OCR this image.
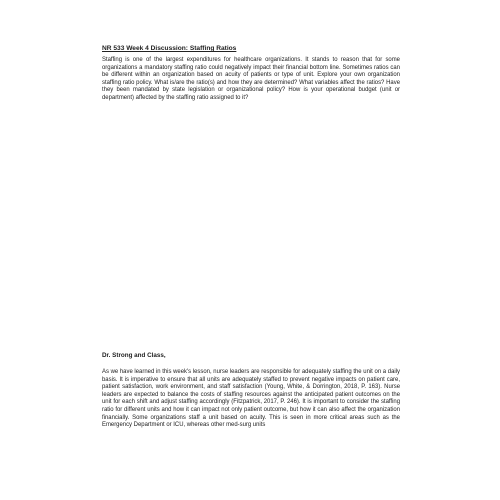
NR 533 Week 4 Discussion: Staffing Ratios

Staffing is one of the largest expenditures for healthcare organizations. It stands to reason that for some organizations a mandatory staffing ratio could negatively impact their financial bottom line. Sometimes ratios can be different within an organization based on acuity of patients or type of unit. Explore your own organization staffing ratio policy. What is/are the ratio(s) and how they are determined? What variables affect the ratios? Have they been mandated by state legislation or organizational policy? How is your operational budget (unit or department) affected by the staffing ratio assigned to it?

Dr. Strong and Class,

As we have learned in this week's lesson, nurse leaders are responsible for adequately staffing the unit on a daily basis. It is imperative to ensure that all units are adequately staffed to prevent negative impacts on patient care, patient satisfaction, work environment, and staff satisfaction (Young, White, & Dorrington, 2018, P. 163). Nurse leaders are expected to balance the costs of staffing resources against the anticipated patient outcomes on the unit for each shift and adjust staffing accordingly (Fitzpatrick, 2017, P. 246). It is important to consider the staffing ratio for different units and how it can impact not only patient outcome, but how it can also affect the organization financially. Some organizations staff a unit based on acuity. This is seen in more critical areas such as the Emergency Department or ICU, whereas other med-surg units
